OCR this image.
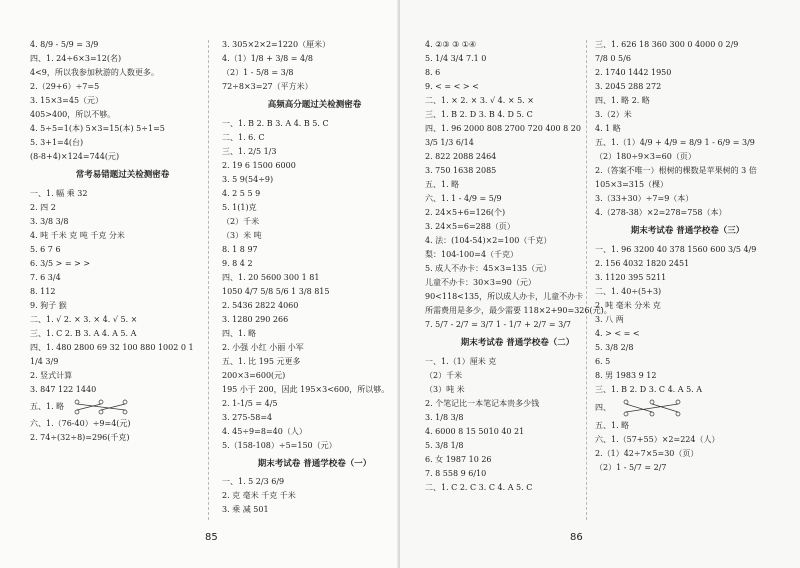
4. 8/9 - 5/9 = 3/9
四、1. 24÷6×3=12(名)
4<9，所以我参加秋游的人数更多。
2.（29+6）÷7=5
3. 15×3=45（元）
405>400，所以不够。
4. 5÷5=1(本) 5×3=15(本) 5÷1=5
5. 3+1=4(台)
(8-8+4)×124=744(元)
常考易错题过关检测密卷
一、1. 幅 乘 32
2. 四 2
3. 3/8 3/8
4. 吨 千米 克 吨 千克 分米
5. 6 7 6
6. 3/5 > = > >
7. 6 3/4
8. 112
9. 狗子 猴
二、1. √ 2. × 3. × 4. √ 5. ×
三、1. C 2. B 3. A 4. A 5. A
四、1. 480 2800 69 32 100 880 1002 0 1
1/4 3/9
2. 竖式计算
3. 847 122 1440
五、1. 略
六、1.（76-40）÷9=4(元)
2. 74÷(32÷8)=296(千克)
3. 305×2×2=1220（厘米）
4.（1）1/8 + 3/8 = 4/8
（2）1 - 5/8 = 3/8
72÷8×3=27（平方米）
高频高分题过关检测密卷
一、1. B 2. B 3. A 4. B 5. C
二、1. 6. C
三、1. 2/5 1/3
2. 19 6 1500 6000
3. 5 9(54÷9)
4. 2 5 5 9
5. 1(1)克
（2）千米
（3）米 吨
8. 1 8 97
9. 8 4 2
四、1. 20 5600 300 1 81
1050 4/7 5/8 5/6 1 3/8 815
2. 5436 2822 4060
3. 1280 290 266
四、1. 略
2. 小强 小红 小丽 小军
五、1. 比 195 元更多
200×3=600(元)
195 小于 200，因此 195×3<600，所以够。
2. 1-1/5 = 4/5
3. 275-58=4
4. 45÷9=8=40（人）
5.（158-108）÷5=150（元）
期末考试卷 普通学校卷（一）
一、1. 5 2/3 6/9
2. 克 毫米 千克 千米
3. 乘 减 501
85
4. ②③ ③ ①④
5. 1/4 3/4 7.1 0
8. 6
9. < = < > <
二、1. × 2. × 3. √ 4. × 5. ×
三、1. B 2. D 3. B 4. D 5. C
四、1. 96 2000 808 2700 720 400 8 20
3/5 1/3 6/14
2. 822 2088 2464
3. 750 1638 2085
五、1. 略
六、1. 1 - 4/9 = 5/9
2. 24×5+6=126(个)
3. 24×5=6=288（页）
4. 法：(104-54)×2=100（千克）
梨：104-100=4（千克）
5. 成人不办卡：45×3=135（元）
儿童不办卡：30×3=90（元）
90<118<135，所以成人办卡，儿童不办卡
所需费用是多少，最少需要 118×2+90=326(元)。
7. 5/7 - 2/7 = 3/7 1 - 1/7 + 2/7 = 3/7
期末考试卷 普通学校卷（二）
一、1.（1）厘米 克
（2）千米
（3）吨 米
2. 个笔记比一本笔记本贵多少钱
3. 1/8 3/8
4. 6000 8 15 5010 40 21
5. 3/8 1/8
6. 女 1987 10 26
7. 8 558 9 6/10
二、1. C 2. C 3. C 4. A 5. C
三、1. 626 18 360 300 0 4000 0 2/9
7/8 0 5/6
2. 1740 1442 1950
3. 2045 288 272
四、1. 略 2. 略
3.（2）米
4. 1 略
五、1.（1）4/9 + 4/9 = 8/9 1 - 6/9 = 3/9
（2）180÷9×3=60（页）
2.（答案不唯一）根树的棵数是苹果树的 3 倍
105×3=315（棵）
3.（33+30）÷7=9（本）
4.（278-38）×2=278=758（本）
期末考试卷 普通学校卷（三）
一、1. 96 3200 40 378 1560 600 3/5 4/9
2. 156 4032 1820 2451
3. 1120 395 5211
二、1. 40÷(5+3)
2. 吨 毫米 分米 克
3. 八 两
4. > < = <
5. 3/8 2/8
6. 5
8. 男 1983 9 12
三、1. B 2. D 3. C 4. A 5. A
四、
五、1. 略
六、1.（57+55）×2=224（人）
2.（1）42÷7×5=30（页）
（2）1 - 5/7 = 2/7
86
